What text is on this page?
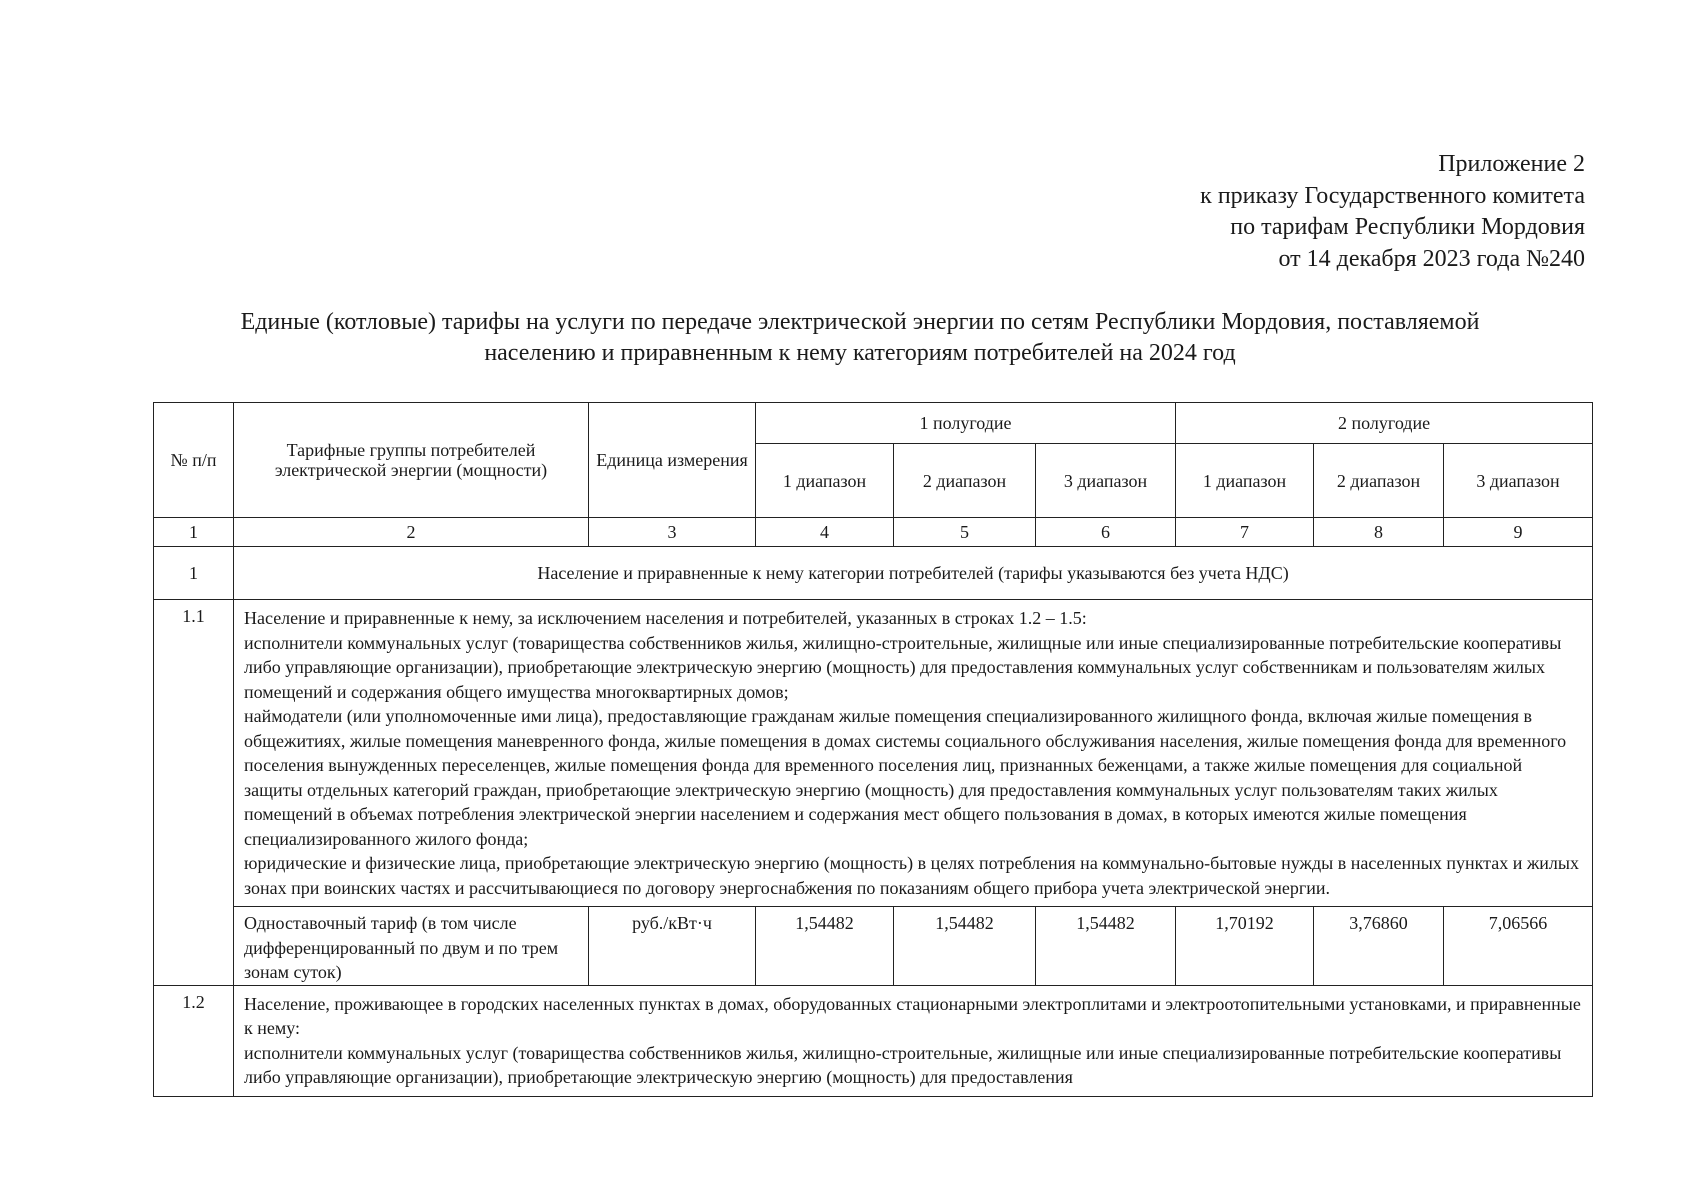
Приложение 2
к приказу Государственного комитета
по тарифам Республики Мордовия
от 14 декабря 2023 года №240
Единые (котловые) тарифы на услуги по передаче электрической энергии по сетям Республики Мордовия, поставляемой
населению и приравненным к нему категориям потребителей на 2024 год
№ п/п	Тарифные группы потребителей электрической энергии (мощности)	Единица измерения	1 полугодие			2 полугодие		
			1 диапазон	2 диапазон	3 диапазон	1 диапазон	2 диапазон	3 диапазон
1	2	3	4	5	6	7	8	9
1	Население и приравненные к нему категории потребителей (тарифы указываются без учета НДС)							
1.1	Население и приравненные к нему, за исключением населения и потребителей, указанных в строках 1.2 – 1.5:

исполнители коммунальных услуг (товарищества собственников жилья, жилищно-строительные, жилищные или иные специализированные потребительские кооперативы либо управляющие организации), приобретающие электрическую энергию (мощность) для предоставления коммунальных услуг собственникам и пользователям жилых помещений и содержания общего имущества многоквартирных домов;

наймодатели (или уполномоченные ими лица), предоставляющие гражданам жилые помещения специализированного жилищного фонда, включая жилые помещения в общежитиях, жилые помещения маневренного фонда, жилые помещения в домах системы социального обслуживания населения, жилые помещения фонда для временного поселения вынужденных переселенцев, жилые помещения фонда для временного поселения лиц, признанных беженцами, а также жилые помещения для социальной защиты отдельных категорий граждан, приобретающие электрическую энергию (мощность) для предоставления коммунальных услуг пользователям таких жилых помещений в объемах потребления электрической энергии населением и содержания мест общего пользования в домах, в которых имеются жилые помещения специализированного жилого фонда;

юридические и физические лица, приобретающие электрическую энергию (мощность) в целях потребления на коммунально-бытовые нужды в населенных пунктах и жилых зонах при воинских частях и рассчитывающиеся по договору энергоснабжения по показаниям общего прибора учета электрической энергии.							

	Одноставочный тариф (в том числе дифференцированный по двум и по трем зонам суток)	руб./кВт·ч	1,54482	1,54482	1,54482	1,70192	3,76860	7,06566
1.2	Население, проживающее в городских населенных пунктах в домах, оборудованных стационарными электроплитами и электроотопительными установками, и приравненные к нему:

исполнители коммунальных услуг (товарищества собственников жилья, жилищно-строительные, жилищные или иные специализированные потребительские кооперативы либо управляющие организации), приобретающие электрическую энергию (мощность) для предоставления							
